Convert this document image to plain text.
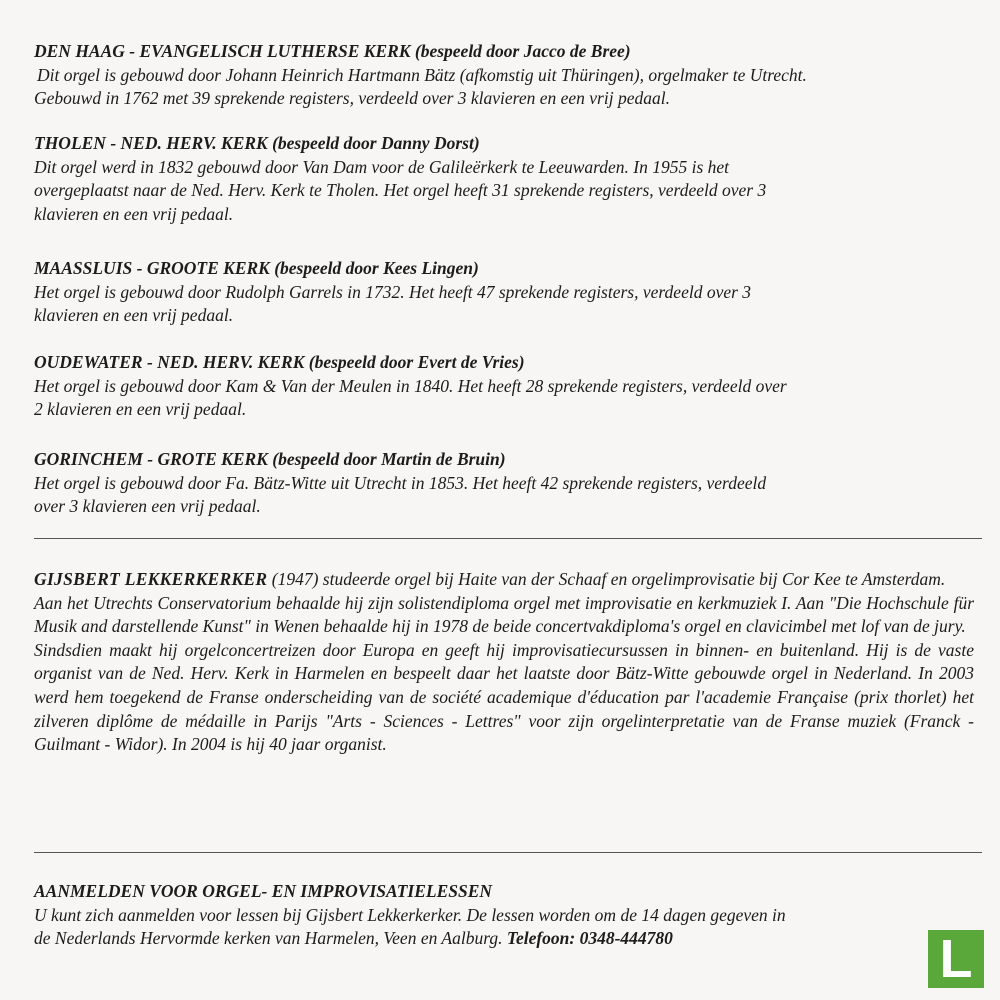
DEN HAAG - EVANGELISCH LUTHERSE KERK (bespeeld door Jacco de Bree)
Dit orgel is gebouwd door Johann Heinrich Hartmann Bätz (afkomstig uit Thüringen), orgelmaker te Utrecht.
Gebouwd in 1762 met 39 sprekende registers, verdeeld over 3 klavieren en een vrij pedaal.
THOLEN - NED. HERV. KERK (bespeeld door Danny Dorst)
Dit orgel werd in 1832 gebouwd door Van Dam voor de Galileërkerk te Leeuwarden. In 1955 is het
overgeplaatst naar de Ned. Herv. Kerk te Tholen. Het orgel heeft 31 sprekende registers, verdeeld over 3
klavieren en een vrij pedaal.
MAASSLUIS - GROOTE KERK (bespeeld door Kees Lingen)
Het orgel is gebouwd door Rudolph Garrels in 1732. Het heeft 47 sprekende registers, verdeeld over 3
klavieren en een vrij pedaal.
OUDEWATER - NED. HERV. KERK (bespeeld door Evert de Vries)
Het orgel is gebouwd door Kam & Van der Meulen in 1840. Het heeft 28 sprekende registers, verdeeld over
2 klavieren en een vrij pedaal.
GORINCHEM - GROTE KERK (bespeeld door Martin de Bruin)
Het orgel is gebouwd door Fa. Bätz-Witte uit Utrecht in 1853. Het heeft 42 sprekende registers, verdeeld
over 3 klavieren een vrij pedaal.
GIJSBERT LEKKERKERKER (1947) studeerde orgel bij Haite van der Schaaf en orgelimprovisatie bij Cor Kee te Amsterdam.
Aan het Utrechts Conservatorium behaalde hij zijn solistendiploma orgel met improvisatie en kerkmuziek I. Aan "Die Hochschule für Musik and darstellende Kunst" in Wenen behaalde hij in 1978 de beide concertvakdiploma's orgel en clavicimbel met lof van de jury.
Sindsdien maakt hij orgelconcertreizen door Europa en geeft hij improvisatiecursussen in binnen- en buitenland. Hij is de vaste organist van de Ned. Herv. Kerk in Harmelen en bespeelt daar het laatste door Bätz-Witte gebouwde orgel in Nederland. In 2003 werd hem toegekend de Franse onderscheiding van de société academique d'éducation par l'academie Française (prix thorlet) het zilveren diplôme de médaille in Parijs "Arts - Sciences - Lettres" voor zijn orgelinterpretatie van de Franse muziek (Franck - Guilmant - Widor). In 2004 is hij 40 jaar organist.
AANMELDEN VOOR ORGEL- EN IMPROVISATIELESSEN
U kunt zich aanmelden voor lessen bij Gijsbert Lekkerkerker. De lessen worden om de 14 dagen gegeven in
de Nederlands Hervormde kerken van Harmelen, Veen en Aalburg. Telefoon: 0348-444780	L
